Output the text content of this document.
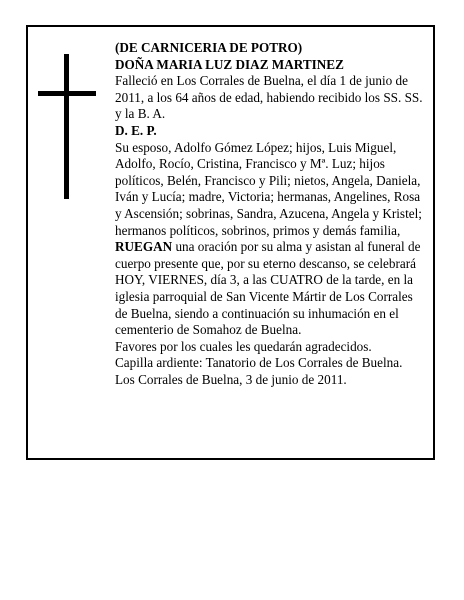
(DE CARNICERIA DE POTRO)

DOÑA MARIA LUZ DIAZ MARTINEZ

Falleció en Los Corrales de Buelna, el día 1 de junio de 2011, a los 64 años de edad, habiendo recibido los SS. SS. y la B. A.

D. E. P.

Su esposo, Adolfo Gómez López; hijos, Luis Miguel, Adolfo, Rocío, Cristina, Francisco y Mª. Luz; hijos políticos, Belén, Francisco y Pili; nietos, Angela, Daniela, Iván y Lucía; madre, Victoria; hermanas, Angelines, Rosa y Ascensión; sobrinas, Sandra, Azucena, Angela y Kristel; hermanos políticos, sobrinos, primos y demás familia,

RUEGAN una oración por su alma y asistan al funeral de cuerpo presente que, por su eterno descanso, se celebrará HOY, VIERNES, día 3, a las CUATRO de la tarde, en la iglesia parroquial de San Vicente Mártir de Los Corrales de Buelna, siendo a continuación su inhumación en el cementerio de Somahoz de Buelna.

Favores por los cuales les quedarán agradecidos.

Capilla ardiente: Tanatorio de Los Corrales de Buelna.

Los Corrales de Buelna, 3 de junio de 2011.
